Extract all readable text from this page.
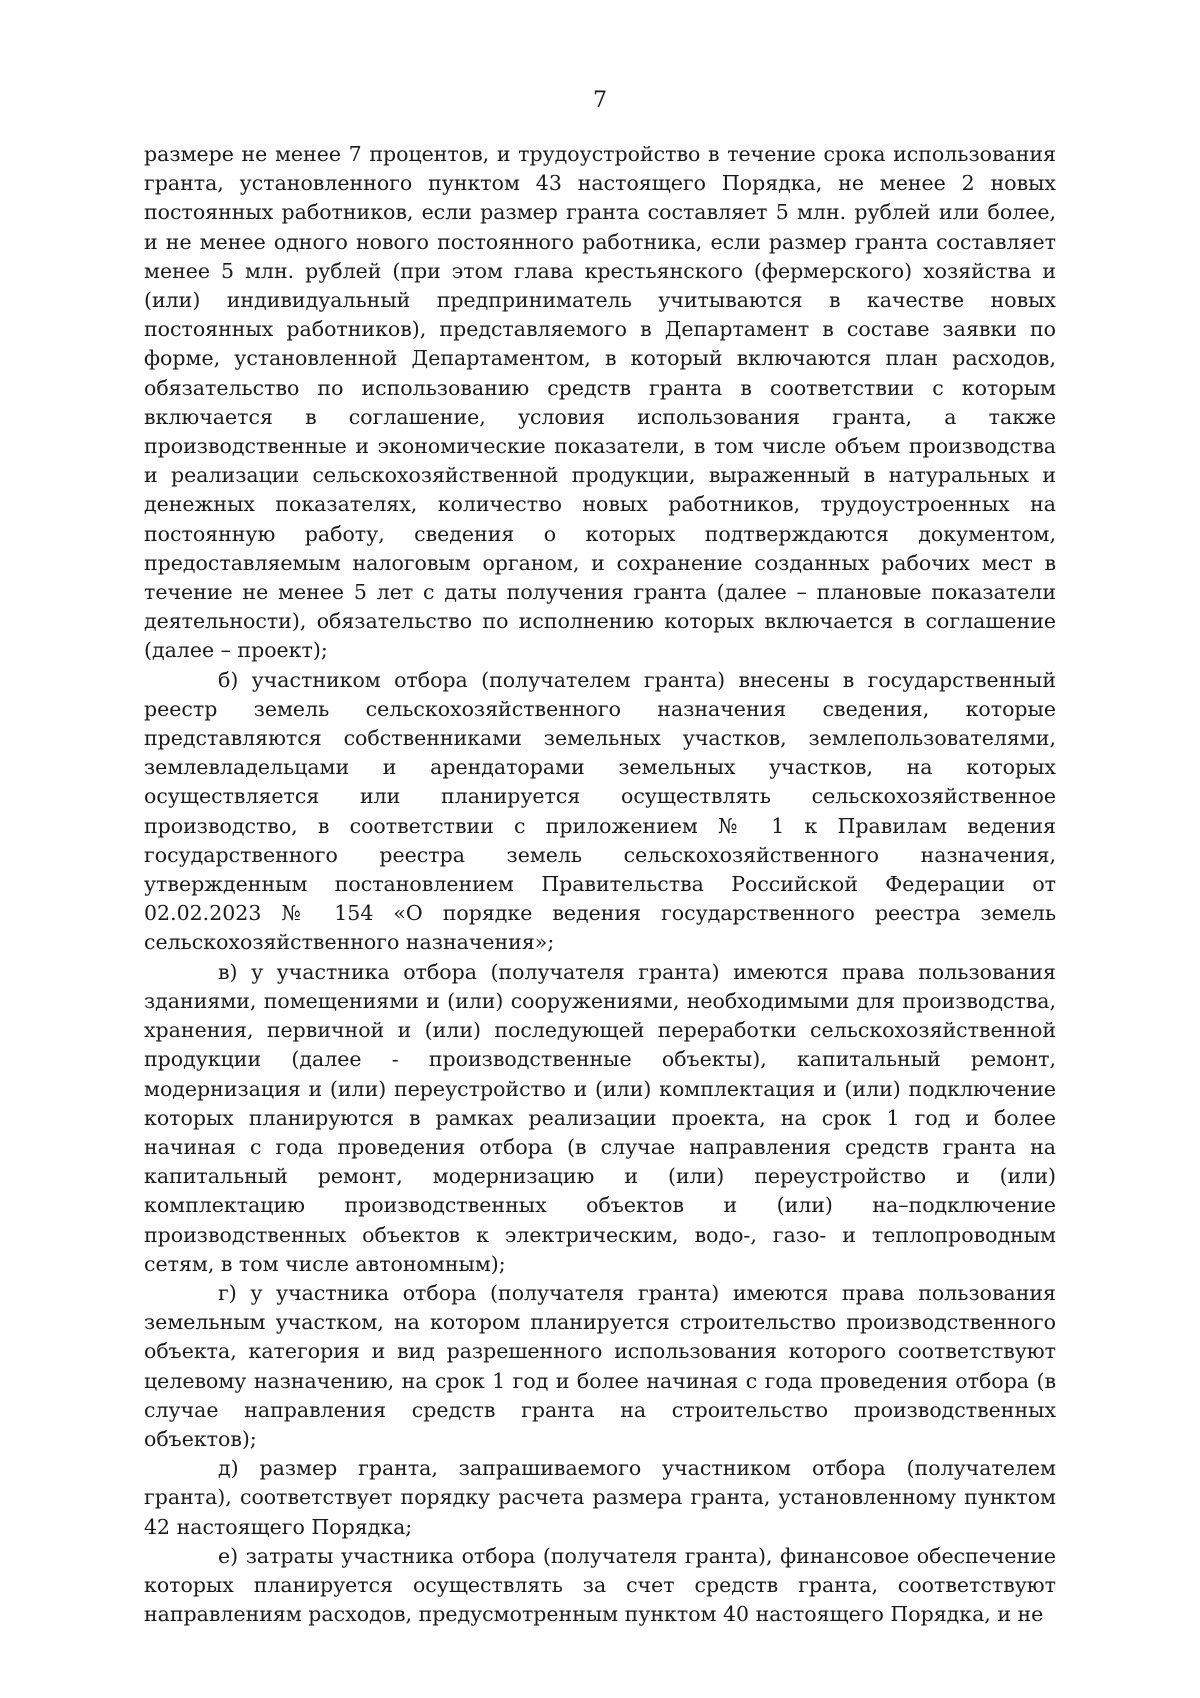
7

размере не менее 7 процентов, и трудоустройство в течение срока использования гранта, установленного пунктом 43 настоящего Порядка, не менее 2 новых постоянных работников, если размер гранта составляет 5 млн. рублей или более, и не менее одного нового постоянного работника, если размер гранта составляет менее 5 млн. рублей (при этом глава крестьянского (фермерского) хозяйства и (или) индивидуальный предприниматель учитываются в качестве новых постоянных работников), представляемого в Департамент в составе заявки по форме, установленной Департаментом, в который включаются план расходов, обязательство по использованию средств гранта в соответствии с которым включается в соглашение, условия использования гранта, а также производственные и экономические показатели, в том числе объем производства и реализации сельскохозяйственной продукции, выраженный в натуральных и денежных показателях, количество новых работников, трудоустроенных на постоянную работу, сведения о которых подтверждаются документом, предоставляемым налоговым органом, и сохранение созданных рабочих мест в течение не менее 5 лет с даты получения гранта (далее – плановые показатели деятельности), обязательство по исполнению которых включается в соглашение (далее – проект);

б) участником отбора (получателем гранта) внесены в государственный реестр земель сельскохозяйственного назначения сведения, которые представляются собственниками земельных участков, землепользователями, землевладельцами и арендаторами земельных участков, на которых осуществляется или планируется осуществлять сельскохозяйственное производство, в соответствии с приложением № 1 к Правилам ведения государственного реестра земель сельскохозяйственного назначения, утвержденным постановлением Правительства Российской Федерации от 02.02.2023 № 154 «О порядке ведения государственного реестра земель сельскохозяйственного назначения»;

в) у участника отбора (получателя гранта) имеются права пользования зданиями, помещениями и (или) сооружениями, необходимыми для производства, хранения, первичной и (или) последующей переработки сельскохозяйственной продукции (далее - производственные объекты), капитальный ремонт, модернизация и (или) переустройство и (или) комплектация и (или) подключение которых планируются в рамках реализации проекта, на срок 1 год и более начиная с года проведения отбора (в случае направления средств гранта на капитальный ремонт, модернизацию и (или) переустройство и (или) комплектацию производственных объектов и (или) на–подключение производственных объектов к электрическим, водо-, газо- и теплопроводным сетям, в том числе автономным);

г) у участника отбора (получателя гранта) имеются права пользования земельным участком, на котором планируется строительство производственного объекта, категория и вид разрешенного использования которого соответствуют целевому назначению, на срок 1 год и более начиная с года проведения отбора (в случае направления средств гранта на строительство производственных объектов);

д) размер гранта, запрашиваемого участником отбора (получателем гранта), соответствует порядку расчета размера гранта, установленному пунктом 42 настоящего Порядка;

е) затраты участника отбора (получателя гранта), финансовое обеспечение которых планируется осуществлять за счет средств гранта, соответствуют направлениям расходов, предусмотренным пунктом 40 настоящего Порядка, и не
